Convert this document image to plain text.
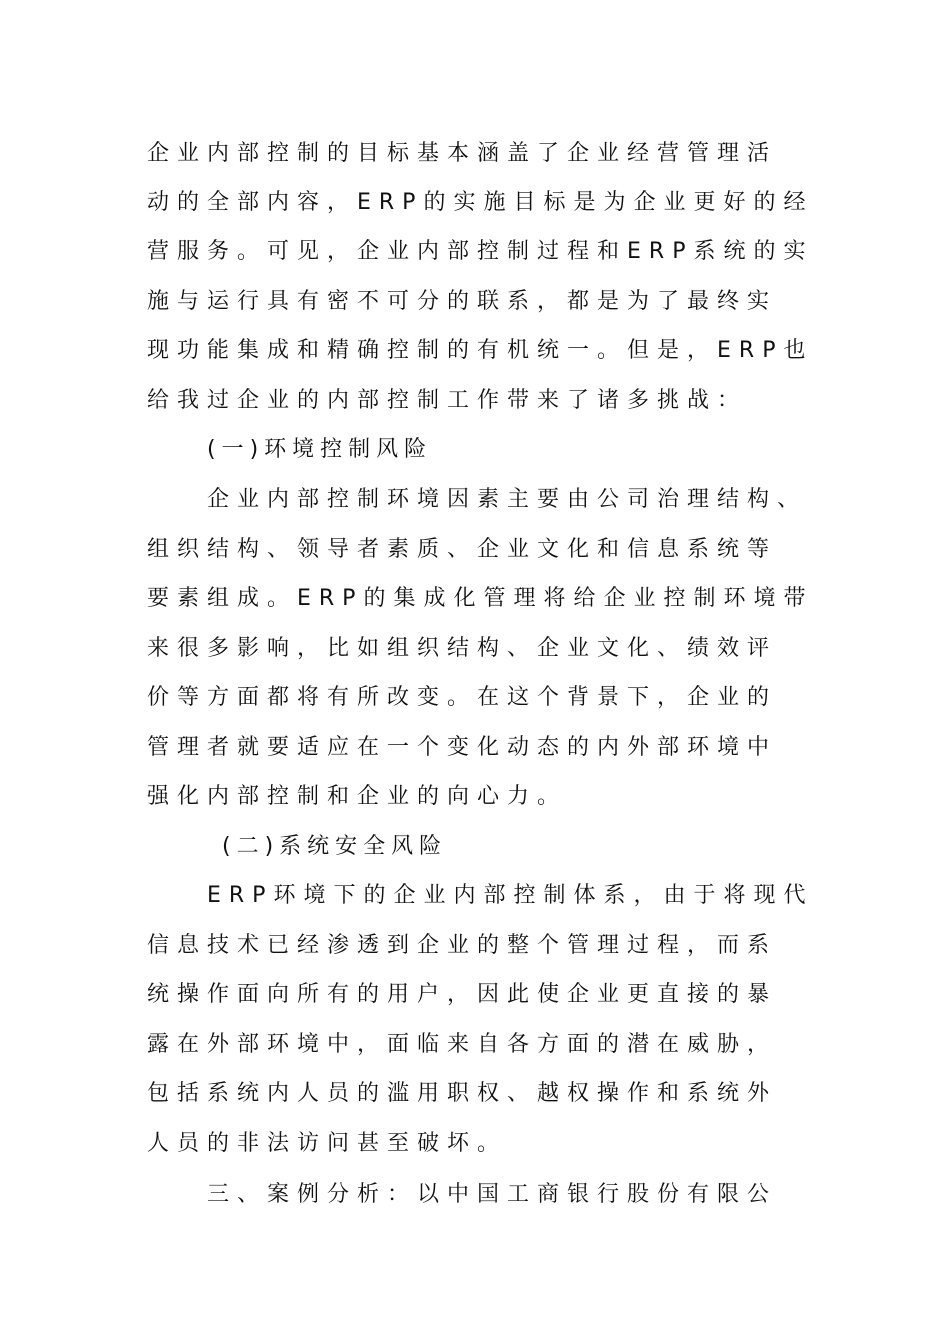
企业内部控制的目标基本涵盖了企业经营管理活
动的全部内容，ERP的实施目标是为企业更好的经
营服务。可见，企业内部控制过程和ERP系统的实
施与运行具有密不可分的联系，都是为了最终实
现功能集成和精确控制的有机统一。但是，ERP也
给我过企业的内部控制工作带来了诸多挑战：
(一)环境控制风险
企业内部控制环境因素主要由公司治理结构、
组织结构、领导者素质、企业文化和信息系统等
要素组成。ERP的集成化管理将给企业控制环境带
来很多影响，比如组织结构、企业文化、绩效评
价等方面都将有所改变。在这个背景下，企业的
管理者就要适应在一个变化动态的内外部环境中
强化内部控制和企业的向心力。
(二)系统安全风险
ERP环境下的企业内部控制体系，由于将现代
信息技术已经渗透到企业的整个管理过程，而系
统操作面向所有的用户，因此使企业更直接的暴
露在外部环境中，面临来自各方面的潜在威胁，
包括系统内人员的滥用职权、越权操作和系统外
人员的非法访问甚至破坏。
三、案例分析：以中国工商银行股份有限公
